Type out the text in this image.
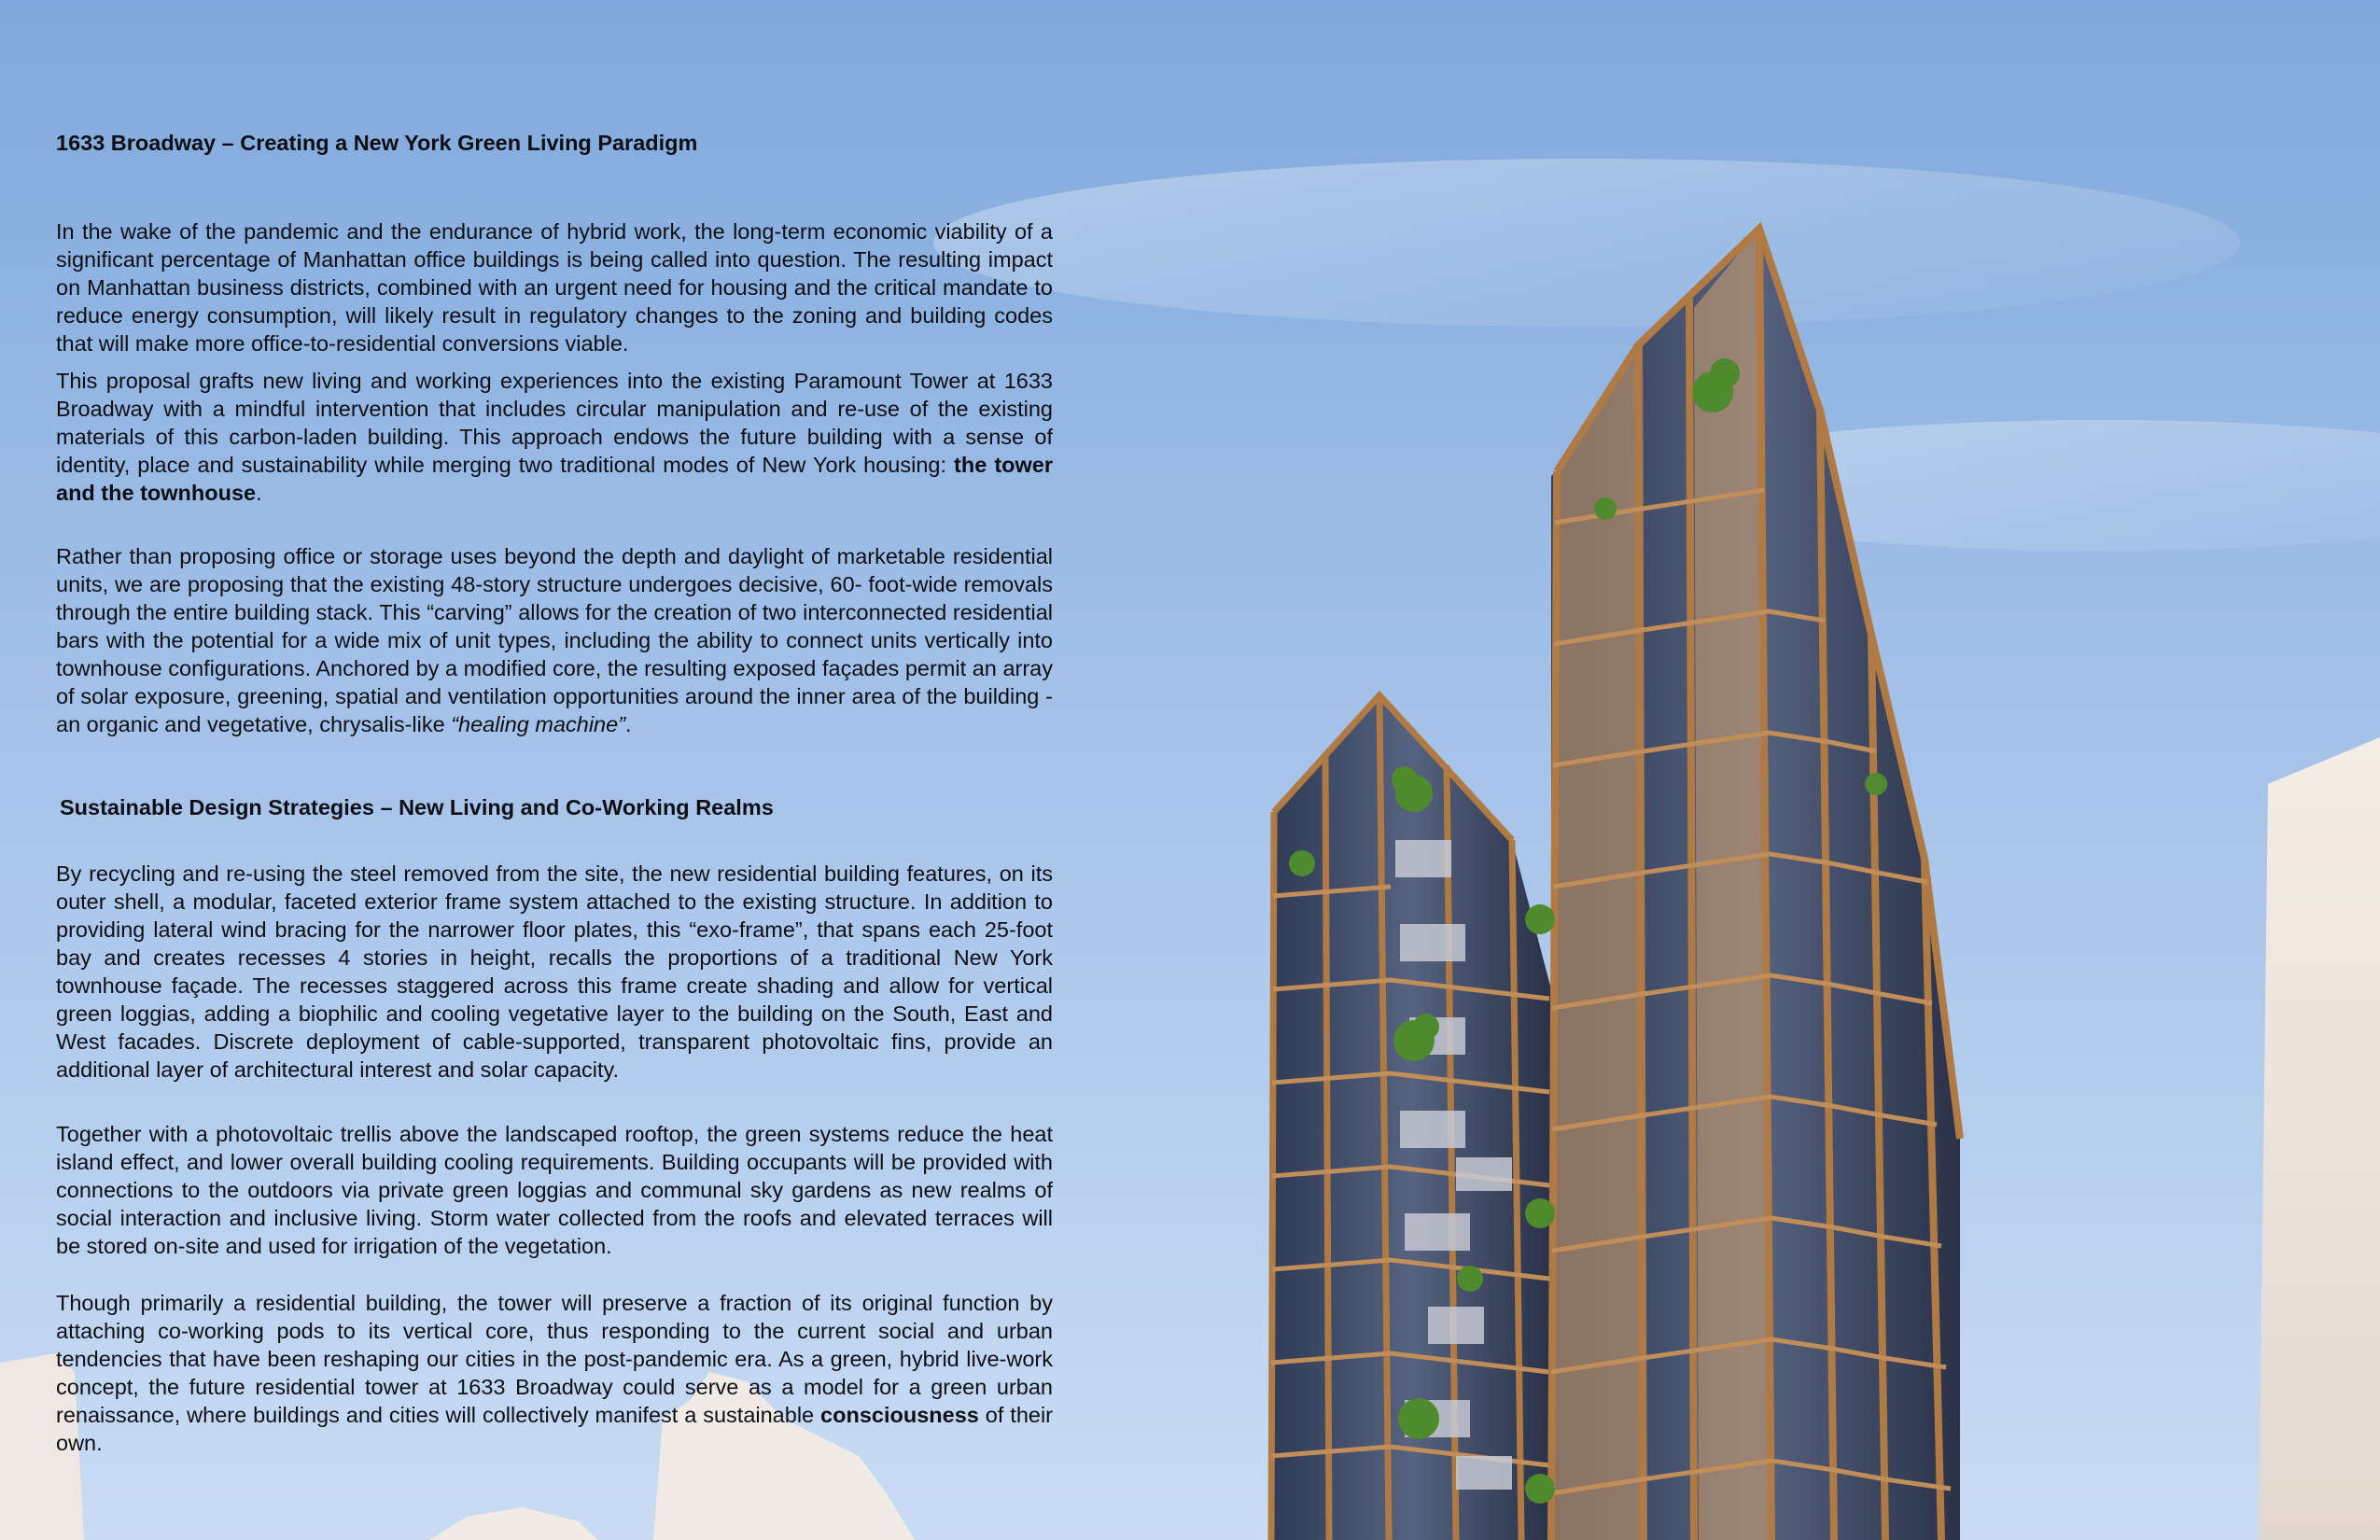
1633 Broadway – Creating a New York Green Living Paradigm

In the wake of the pandemic and the endurance of hybrid work, the long-term economic viability of a significant percentage of Manhattan office buildings is being called into question. The resulting impact on Manhattan business districts, combined with an urgent need for housing and the critical mandate to reduce energy consumption, will likely result in regulatory changes to the zoning and building codes that will make more office-to-residential conversions viable.

This proposal grafts new living and working experiences into the existing Paramount Tower at 1633 Broadway with a mindful intervention that includes circular manipulation and re-use of the existing materials of this carbon-laden building. This approach endows the future building with a sense of identity, place and sustainability while merging two traditional modes of New York housing: the tower and the townhouse.

Rather than proposing office or storage uses beyond the depth and daylight of marketable residential units, we are proposing that the existing 48-story structure undergoes decisive, 60- foot-wide removals through the entire building stack. This “carving” allows for the creation of two interconnected residential bars with the potential for a wide mix of unit types, including the ability to connect units vertically into townhouse configurations. Anchored by a modified core, the resulting exposed façades permit an array of solar exposure, greening, spatial and ventilation opportunities around the inner area of the building - an organic and vegetative, chrysalis-like “healing machine”.

Sustainable Design Strategies – New Living and Co-Working Realms

By recycling and re-using the steel removed from the site, the new residential building features, on its outer shell, a modular, faceted exterior frame system attached to the existing structure. In addition to providing lateral wind bracing for the narrower floor plates, this “exo-frame”, that spans each 25-foot bay and creates recesses 4 stories in height, recalls the proportions of a traditional New York townhouse façade. The recesses staggered across this frame create shading and allow for vertical green loggias, adding a biophilic and cooling vegetative layer to the building on the South, East and West facades. Discrete deployment of cable-supported, transparent photovoltaic fins, provide an additional layer of architectural interest and solar capacity.

Together with a photovoltaic trellis above the landscaped rooftop, the green systems reduce the heat island effect, and lower overall building cooling requirements. Building occupants will be provided with connections to the outdoors via private green loggias and communal sky gardens as new realms of social interaction and inclusive living. Storm water collected from the roofs and elevated terraces will be stored on-site and used for irrigation of the vegetation.

Though primarily a residential building, the tower will preserve a fraction of its original function by attaching co-working pods to its vertical core, thus responding to the current social and urban tendencies that have been reshaping our cities in the post-pandemic era. As a green, hybrid live-work concept, the future residential tower at 1633 Broadway could serve as a model for a green urban renaissance, where buildings and cities will collectively manifest a sustainable consciousness of their own.
